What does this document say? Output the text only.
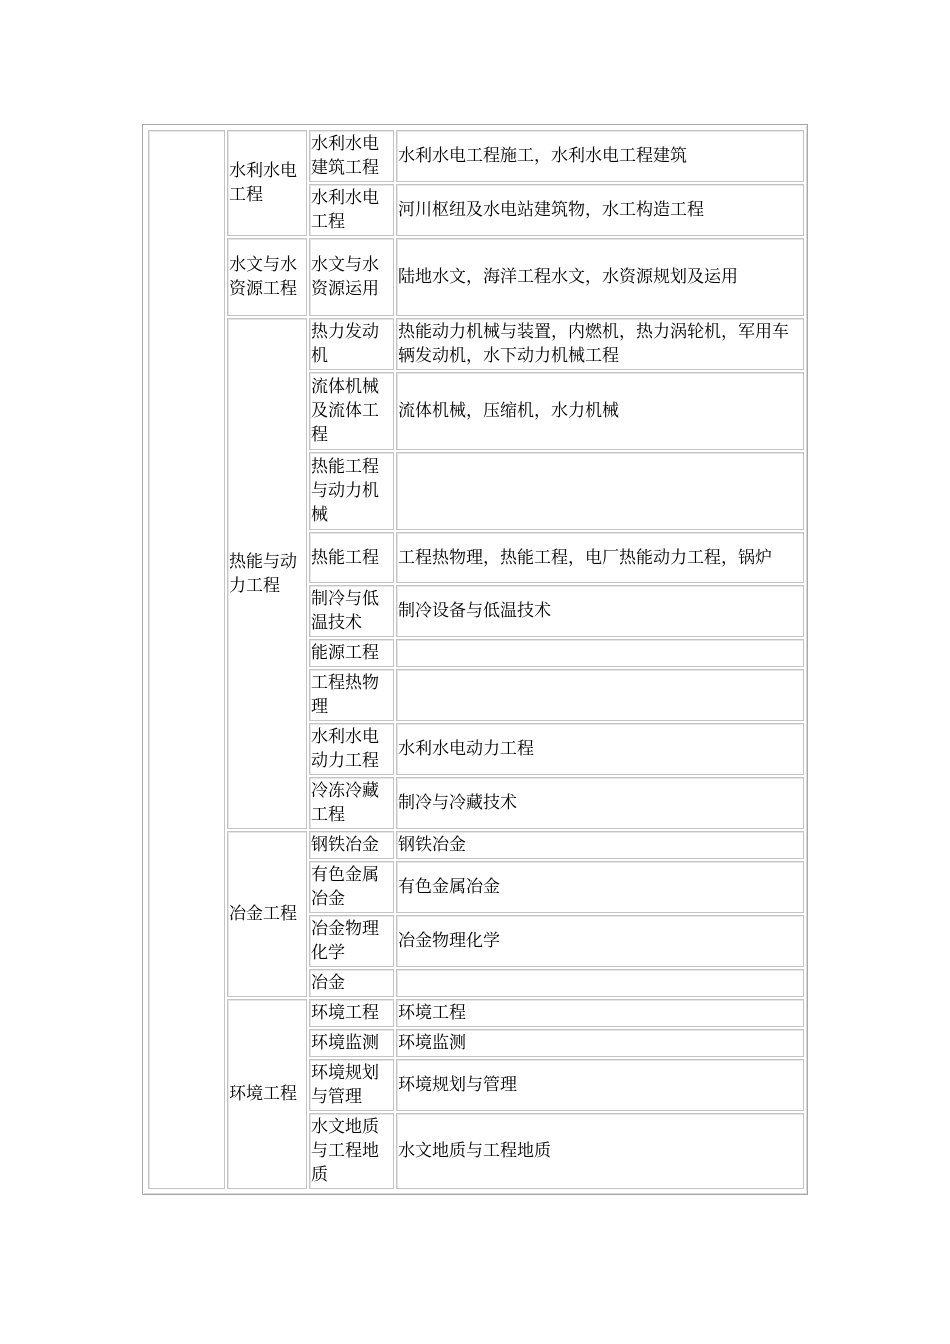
	水利水电工程	水利水电建筑工程	水利水电工程施工，水利水电工程建筑
		水利水电工程	河川枢纽及水电站建筑物，水工构造工程
	水文与水资源工程	水文与水资源运用	陆地水文，海洋工程水文，水资源规划及运用
	热能与动力工程	热力发动机	热能动力机械与装置，内燃机，热力涡轮机，军用车辆发动机，水下动力机械工程
		流体机械及流体工程	流体机械，压缩机，水力机械
		热能工程与动力机械	
		热能工程	工程热物理，热能工程，电厂热能动力工程，锅炉
		制冷与低温技术	制冷设备与低温技术
		能源工程	
		工程热物理	
		水利水电动力工程	水利水电动力工程
		冷冻冷藏工程	制冷与冷藏技术
	冶金工程	钢铁冶金	钢铁冶金
		有色金属冶金	有色金属冶金
		冶金物理化学	冶金物理化学
		冶金	
	环境工程	环境工程	环境工程
		环境监测	环境监测
		环境规划与管理	环境规划与管理
		水文地质与工程地质	水文地质与工程地质
